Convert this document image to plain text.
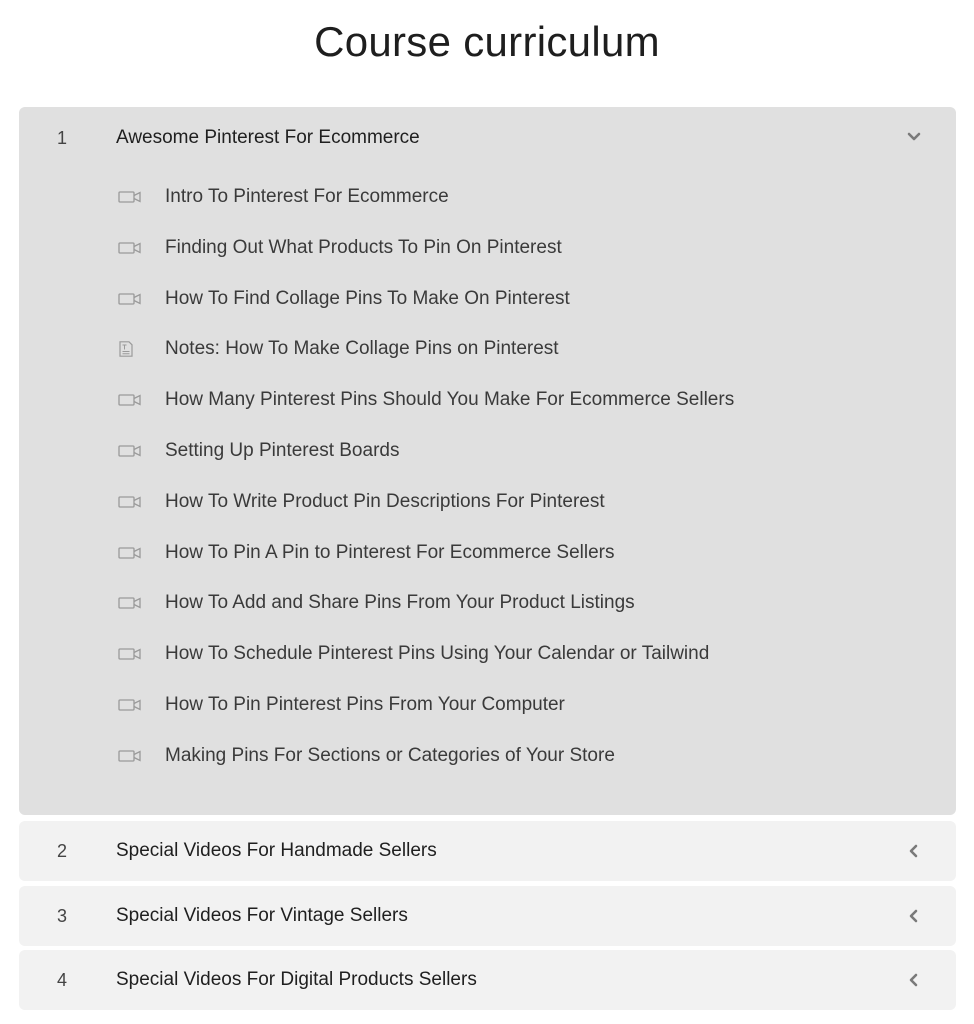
Course curriculum
1	Awesome Pinterest For Ecommerce
Intro To Pinterest For Ecommerce
Finding Out What Products To Pin On Pinterest
How To Find Collage Pins To Make On Pinterest
Notes: How To Make Collage Pins on Pinterest
How Many Pinterest Pins Should You Make For Ecommerce Sellers
Setting Up Pinterest Boards
How To Write Product Pin Descriptions For Pinterest
How To Pin A Pin to Pinterest For Ecommerce Sellers
How To Add and Share Pins From Your Product Listings
How To Schedule Pinterest Pins Using Your Calendar or Tailwind
How To Pin Pinterest Pins From Your Computer
Making Pins For Sections or Categories of Your Store
2	Special Videos For Handmade Sellers
3	Special Videos For Vintage Sellers
4	Special Videos For Digital Products Sellers
